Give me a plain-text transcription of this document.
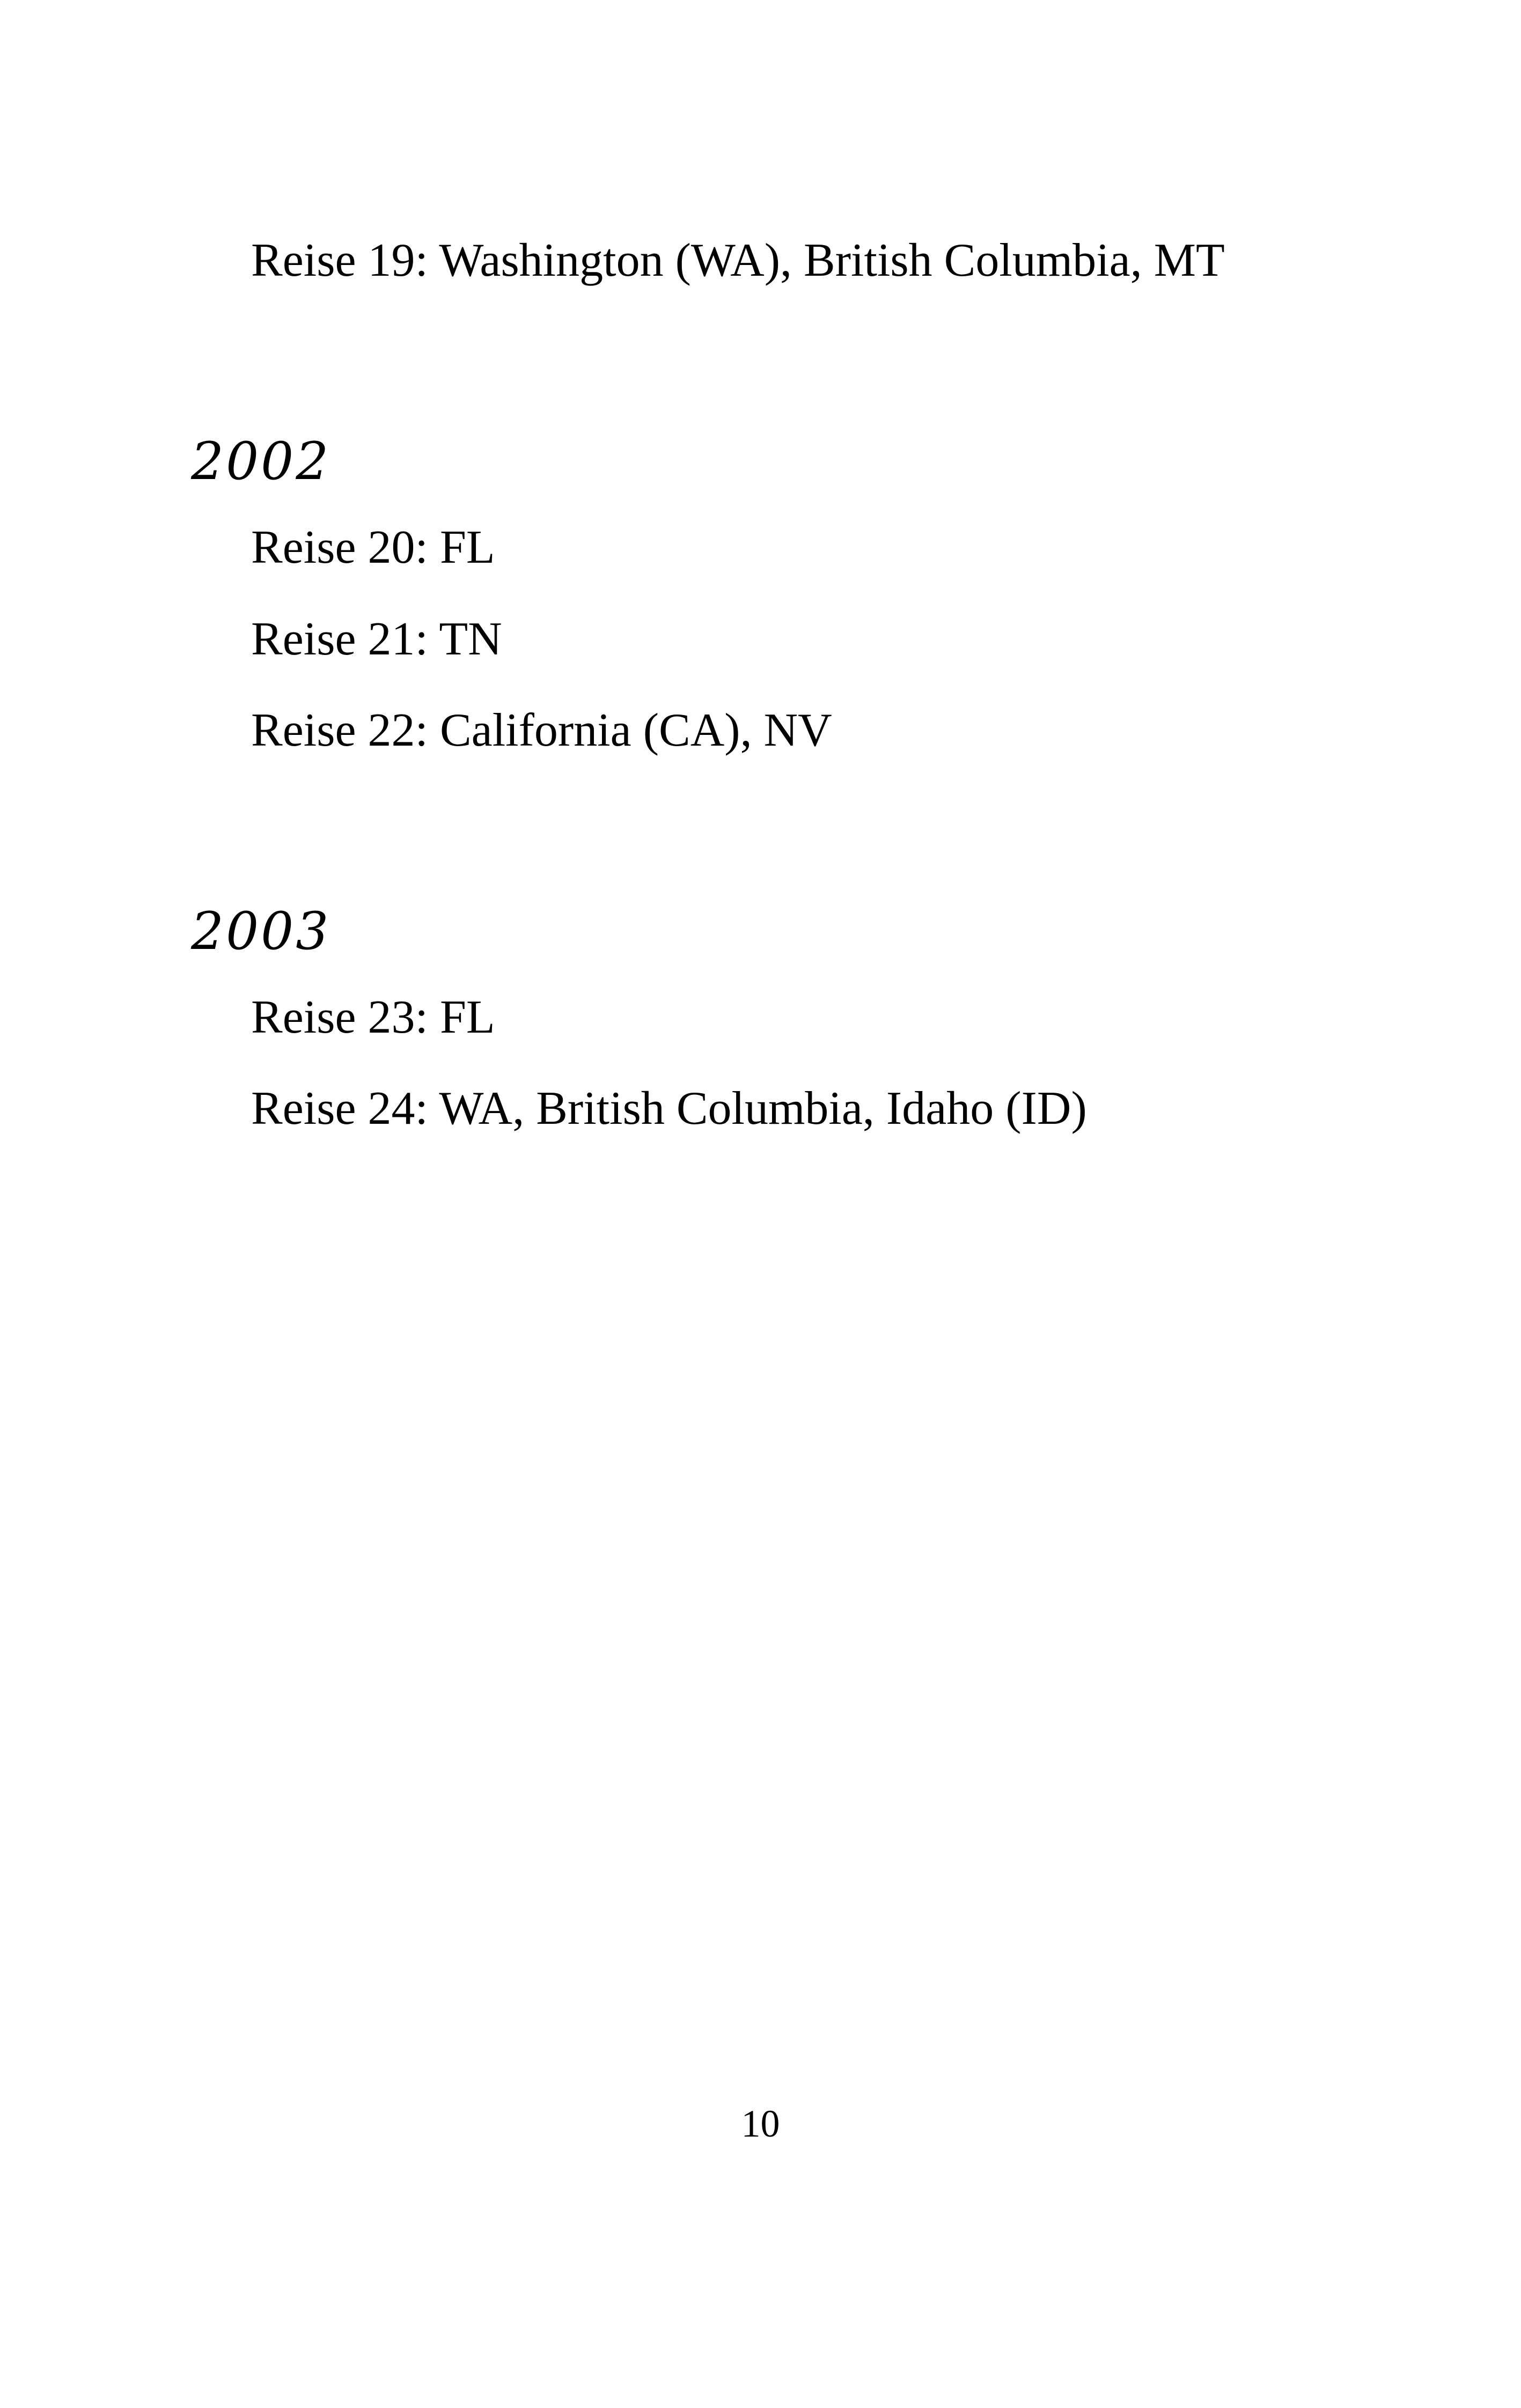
Reise 19: Washington (WA), British Columbia, MT
2002
Reise 20: FL
Reise 21: TN
Reise 22: California (CA), NV
2003
Reise 23: FL
Reise 24: WA, British Columbia, Idaho (ID)
10
